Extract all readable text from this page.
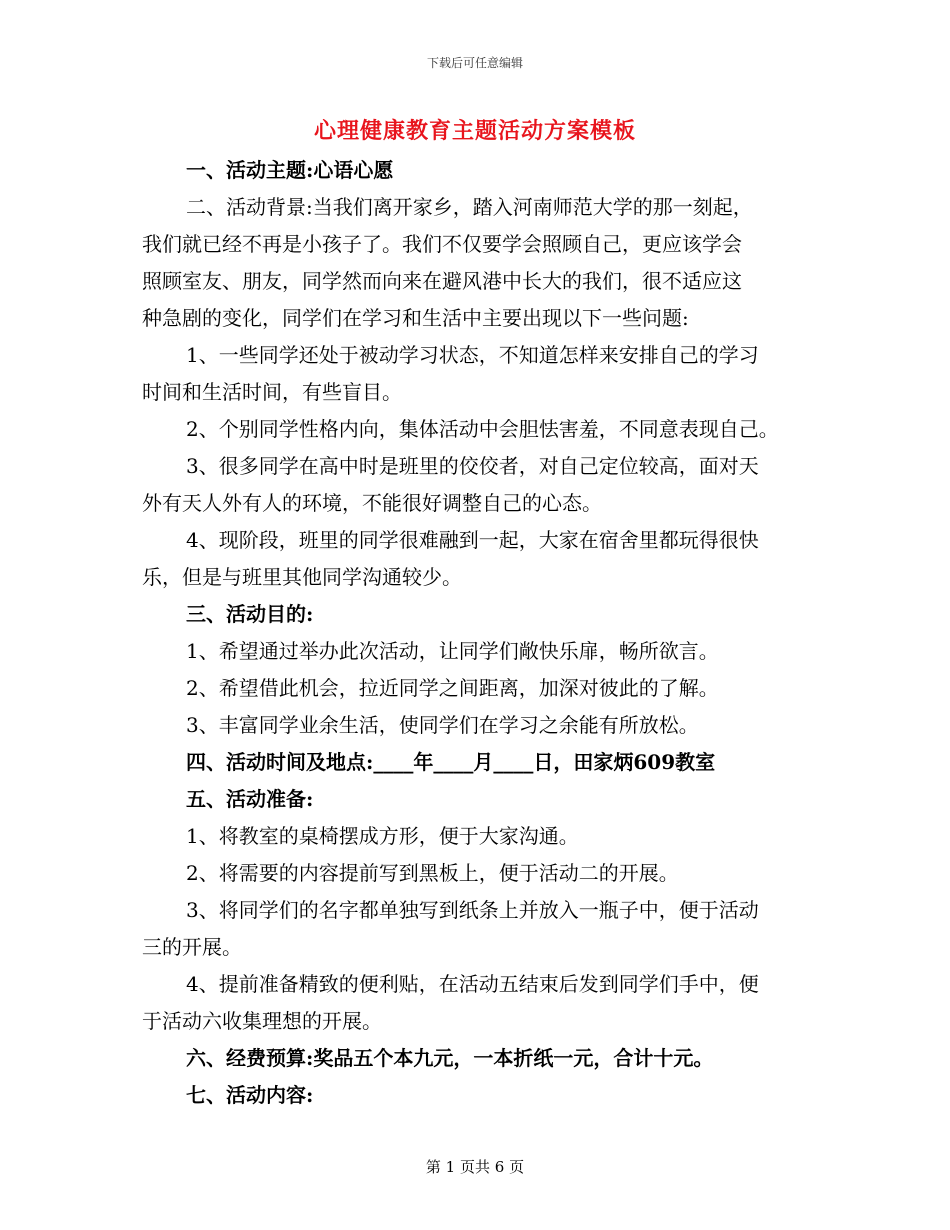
下载后可任意编辑
心理健康教育主题活动方案模板

一、活动主题:心语心愿

二、活动背景:当我们离开家乡，踏入河南师范大学的那一刻起，

我们就已经不再是小孩子了。我们不仅要学会照顾自己，更应该学会

照顾室友、朋友，同学然而向来在避风港中长大的我们，很不适应这

种急剧的变化，同学们在学习和生活中主要出现以下一些问题:

1、一些同学还处于被动学习状态，不知道怎样来安排自己的学习

时间和生活时间，有些盲目。

2、个别同学性格内向，集体活动中会胆怯害羞，不同意表现自己。

3、很多同学在高中时是班里的佼佼者，对自己定位较高，面对天

外有天人外有人的环境，不能很好调整自己的心态。

4、现阶段，班里的同学很难融到一起，大家在宿舍里都玩得很快

乐，但是与班里其他同学沟通较少。

三、活动目的:

1、希望通过举办此次活动，让同学们敞快乐扉，畅所欲言。

2、希望借此机会，拉近同学之间距离，加深对彼此的了解。

3、丰富同学业余生活，使同学们在学习之余能有所放松。

四、活动时间及地点:____年____月____日，田家炳609教室

五、活动准备:

1、将教室的桌椅摆成方形，便于大家沟通。

2、将需要的内容提前写到黑板上，便于活动二的开展。

3、将同学们的名字都单独写到纸条上并放入一瓶子中，便于活动

三的开展。

4、提前准备精致的便利贴，在活动五结束后发到同学们手中，便

于活动六收集理想的开展。

六、经费预算:奖品五个本九元，一本折纸一元，合计十元。

七、活动内容:

第 1 页共 6 页
